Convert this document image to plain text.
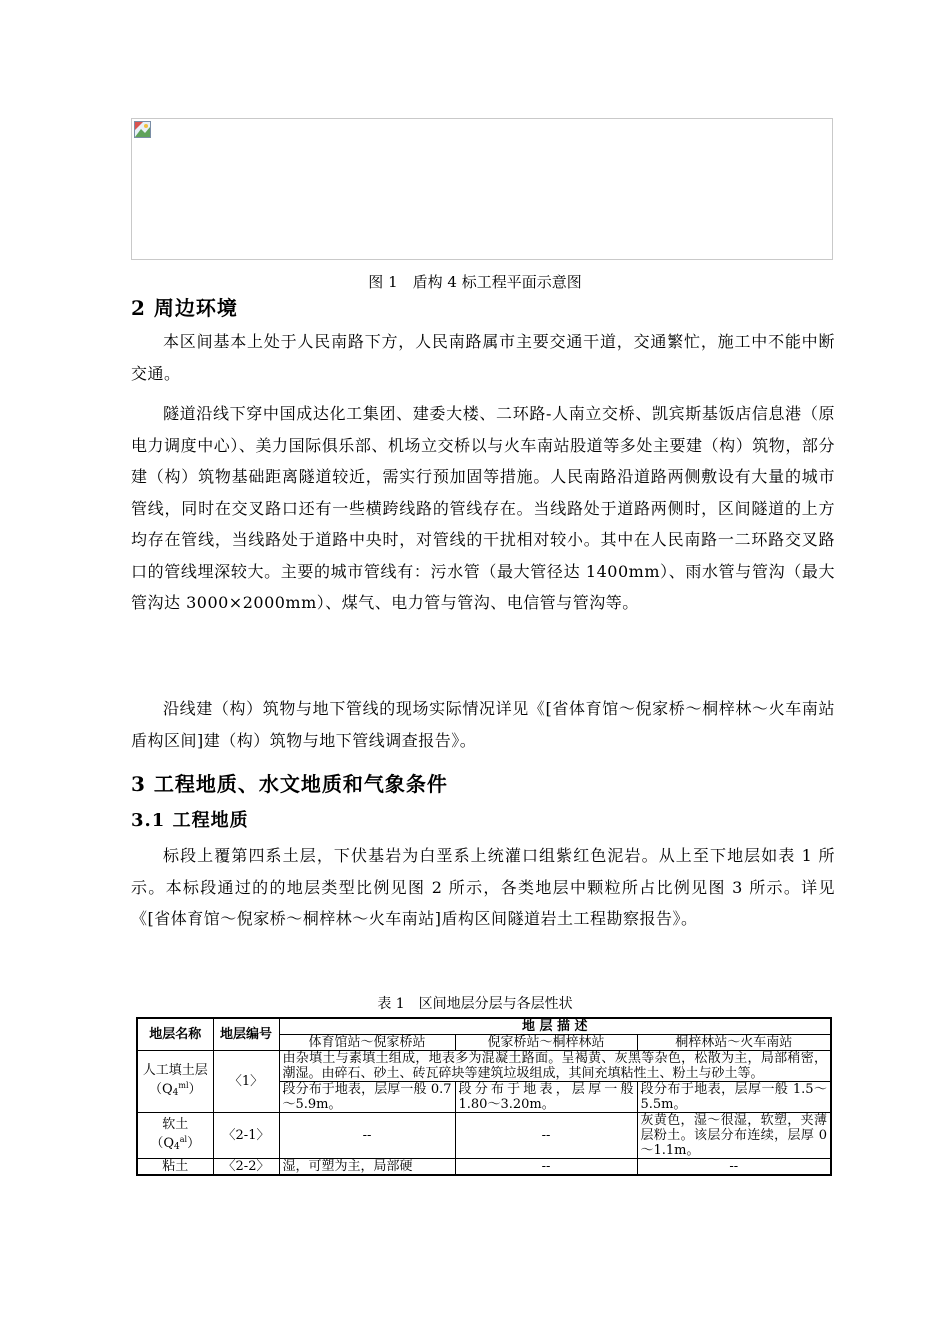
图 1　盾构 4 标工程平面示意图
2 周边环境

本区间基本上处于人民南路下方，人民南路属市主要交通干道，交通繁忙，施工中不能中断交通。

隧道沿线下穿中国成达化工集团、建委大楼、二环路-人南立交桥、凯宾斯基饭店信息港（原电力调度中心）、美力国际俱乐部、机场立交桥以与火车南站股道等多处主要建（构）筑物，部分建（构）筑物基础距离隧道较近，需实行预加固等措施。人民南路沿道路两侧敷设有大量的城市管线，同时在交叉路口还有一些横跨线路的管线存在。当线路处于道路两侧时，区间隧道的上方均存在管线，当线路处于道路中央时，对管线的干扰相对较小。其中在人民南路一二环路交叉路口的管线埋深较大。主要的城市管线有：污水管（最大管径达 1400mm）、雨水管与管沟（最大管沟达 3000×2000mm）、煤气、电力管与管沟、电信管与管沟等。

沿线建（构）筑物与地下管线的现场实际情况详见《[省体育馆～倪家桥～桐梓林～火车南站盾构区间]建（构）筑物与地下管线调查报告》。

3 工程地质、水文地质和气象条件
3.1 工程地质

标段上覆第四系土层，下伏基岩为白垩系上统灌口组紫红色泥岩。从上至下地层如表 1 所示。本标段通过的的地层类型比例见图 2 所示，各类地层中颗粒所占比例见图 3 所示。详见《[省体育馆～倪家桥～桐梓林～火车南站]盾构区间隧道岩土工程勘察报告》。

表 1　区间地层分层与各层性状
地层名称	地层编号	地 层 描 述		
		体育馆站～倪家桥站	倪家桥站～桐梓林站	桐梓林站～火车南站
人工填土层
$(Q_4^{ml})$	〈1〉	由杂填土与素填土组成，地表多为混凝土路面。呈褐黄、灰黑等杂色，松散为主，局部稍密，潮湿。由碎石、砂土、砖瓦碎块等建筑垃圾组成，其间充填粘性土、粉土与砂土等。		
		段分布于地表，层厚一般 0.7～5.9m。	段分布于地表，层厚一般 1.80～3.20m。	段分布于地表，层厚一般 1.5～5.5m。
软土
$(Q_4^{al})$	〈2-1〉	--	--	灰黄色，湿～很湿，软塑，夹薄层粉土。该层分布连续，层厚 0～1.1m。
粘土	〈2-2〉	湿，可塑为主，局部硬	--	--
